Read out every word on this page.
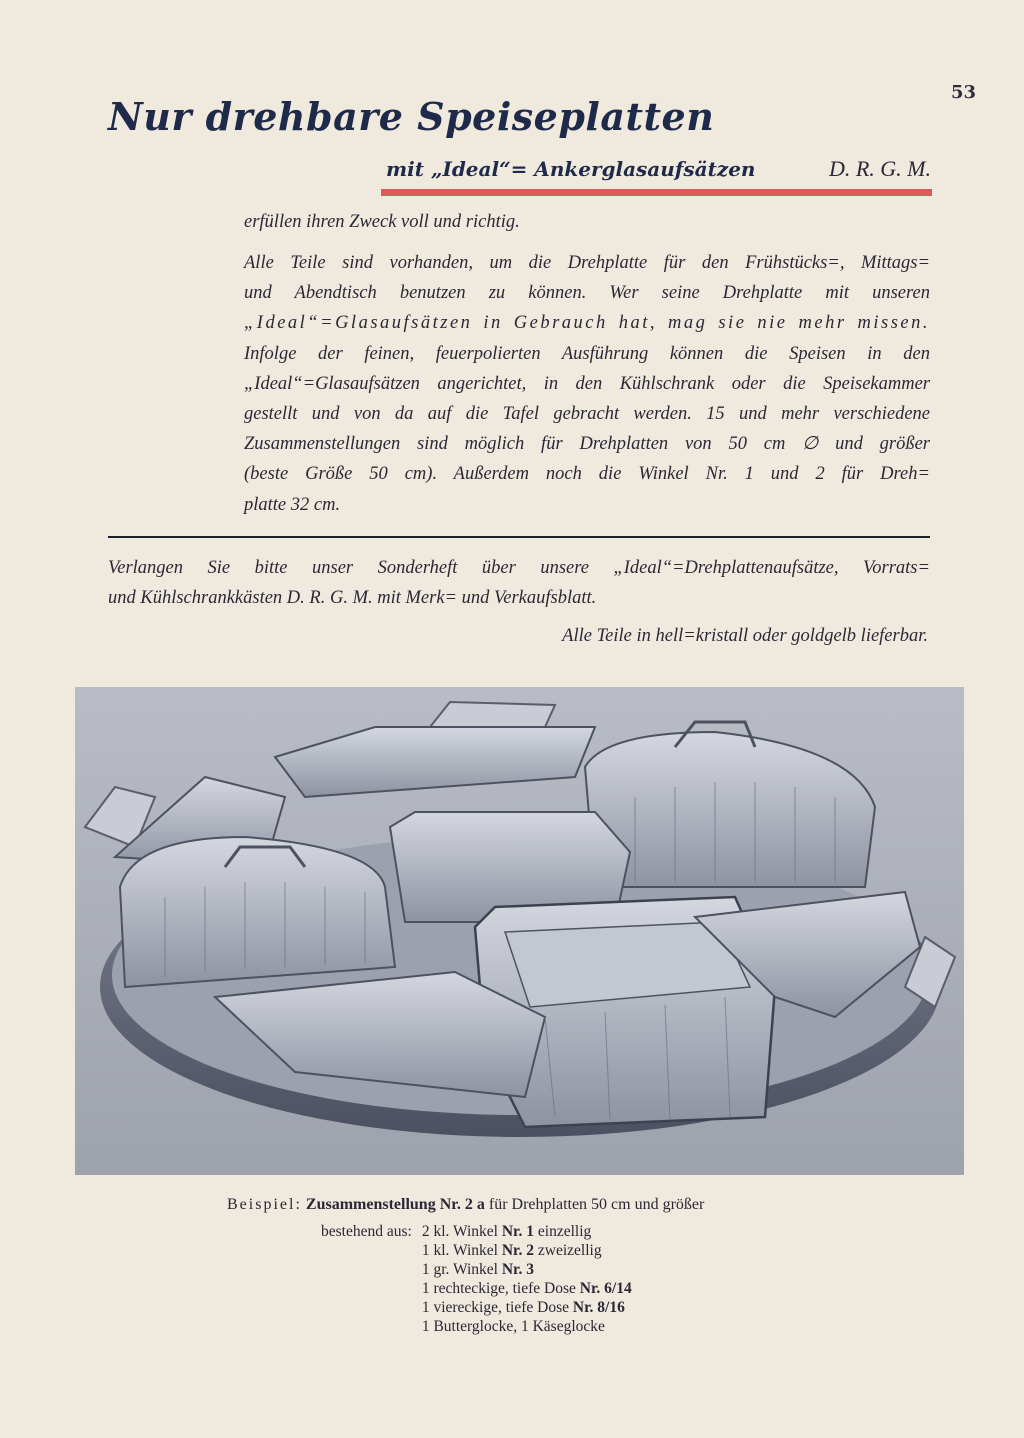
53
Nur drehbare Speiseplatten
mit „Ideal“= Ankerglasaufsätzen	D. R. G. M.
erfüllen ihren Zweck voll und richtig.
Alle Teile sind vorhanden, um die Drehplatte für den Frühstücks=, Mittags=
und Abendtisch benutzen zu können. Wer seine Drehplatte mit unseren
„Ideal“=Glasaufsätzen in Gebrauch hat, mag sie nie mehr missen.
Infolge der feinen, feuerpolierten Ausführung können die Speisen in den
„Ideal“=Glasaufsätzen angerichtet, in den Kühlschrank oder die Speisekammer
gestellt und von da auf die Tafel gebracht werden. 15 und mehr verschiedene
Zusammenstellungen sind möglich für Drehplatten von 50 cm ∅ und größer
(beste Größe 50 cm). Außerdem noch die Winkel Nr. 1 und 2 für Dreh=
platte 32 cm.
Verlangen Sie bitte unser Sonderheft über unsere „Ideal“=Drehplattenaufsätze, Vorrats=
und Kühlschrankkästen D. R. G. M. mit Merk= und Verkaufsblatt.
Alle Teile in hell=kristall oder goldgelb lieferbar.
Beispiel: Zusammenstellung Nr. 2 a für Drehplatten 50 cm und größer
bestehend aus: 2 kl. Winkel Nr. 1 einzellig
1 kl. Winkel Nr. 2 zweizellig
1 gr. Winkel Nr. 3
1 rechteckige, tiefe Dose Nr. 6/14
1 viereckige, tiefe Dose Nr. 8/16
1 Butterglocke, 1 Käseglocke
